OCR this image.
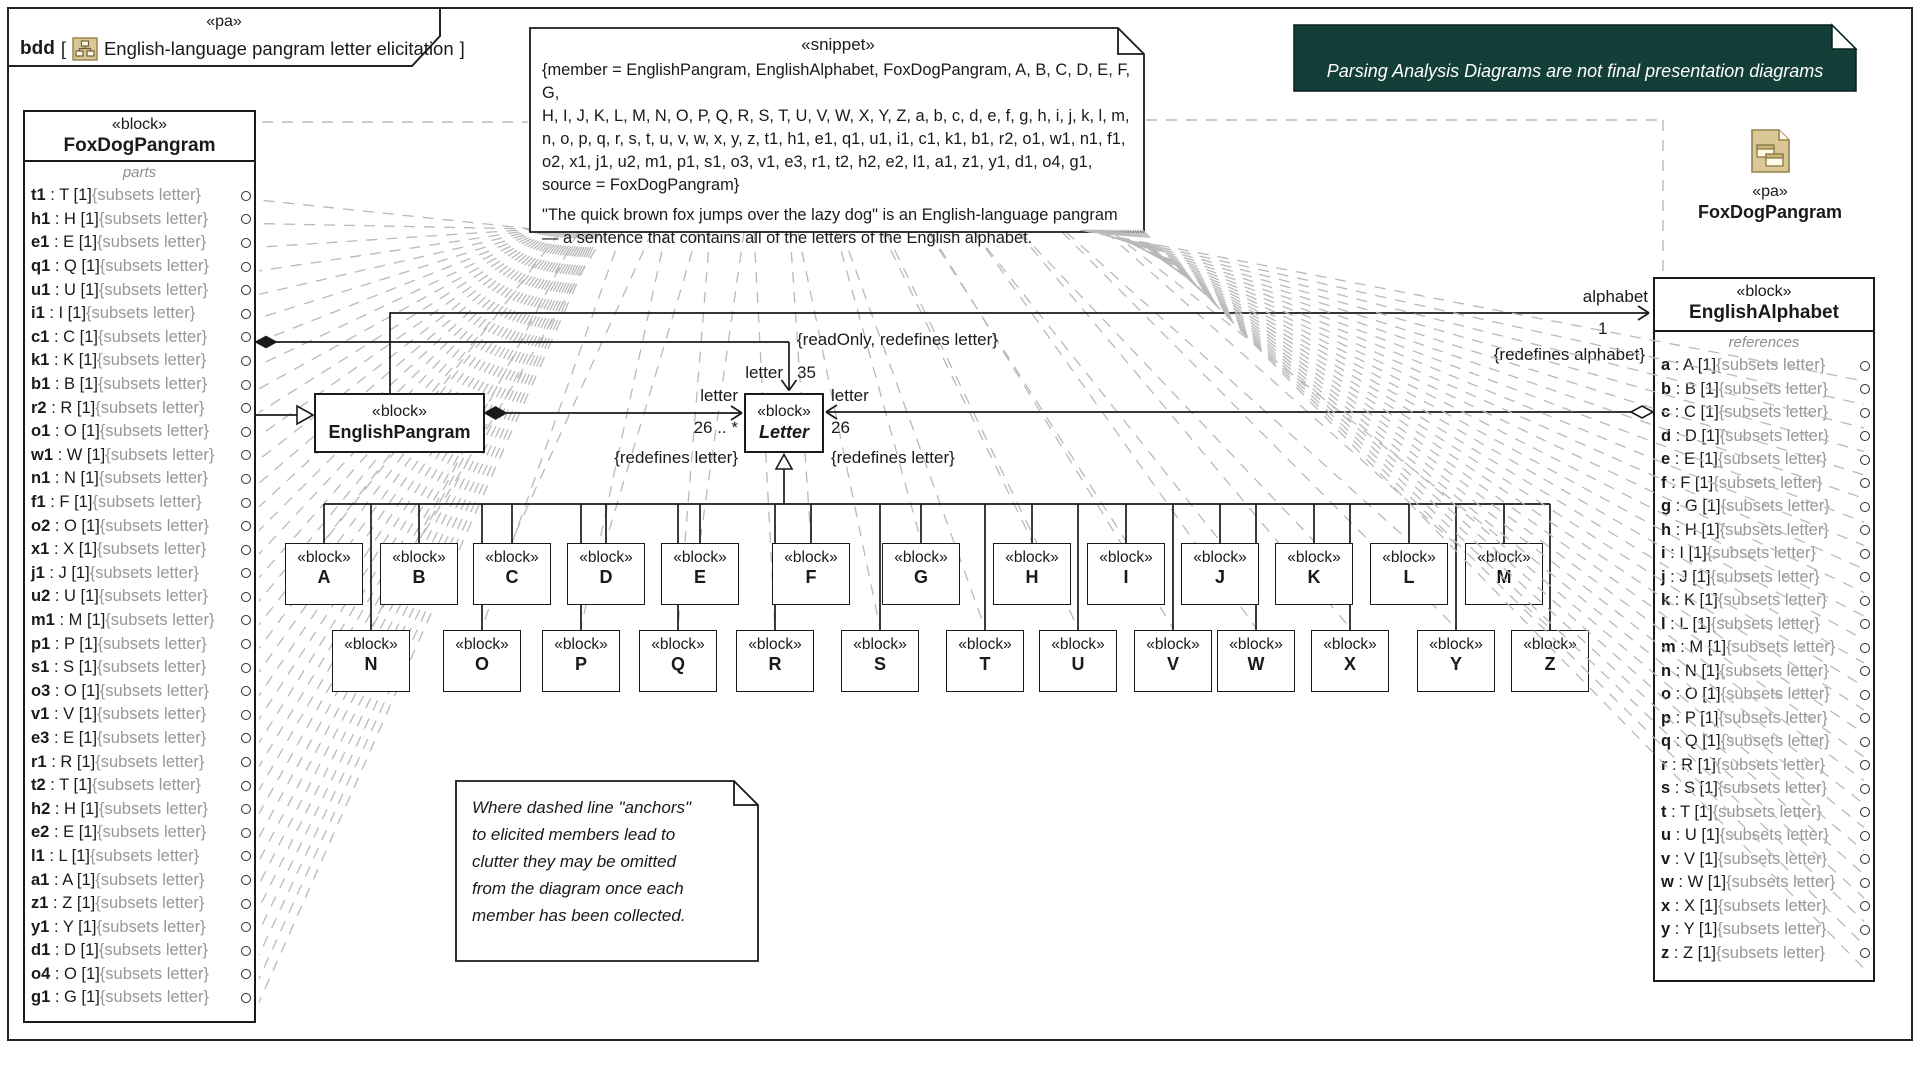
«pa»
bdd [ English-language pangram letter elicitation ]	«snippet»
{member = EnglishPangram, EnglishAlphabet, FoxDogPangram, A, B, C, D, E, F, G,
H, I, J, K, L, M, N, O, P, Q, R, S, T, U, V, W, X, Y, Z, a, b, c, d, e, f, g, h, i, j, k, l, m,
n, o, p, q, r, s, t, u, v, w, x, y, z, t1, h1, e1, q1, u1, i1, c1, k1, b1, r2, o1, w1, n1, f1,
o2, x1, j1, u2, m1, p1, s1, o3, v1, e3, r1, t2, h2, e2, l1, a1, z1, y1, d1, o4, g1,
source = FoxDogPangram}
"The quick brown fox jumps over the lazy dog" is an English-language pangram
— a sentence that contains all of the letters of the English alphabet.
Parsing Analysis Diagrams are not final presentation diagrams
«pa»
FoxDogPangram
«block»
FoxDogPangram
parts
t1 : T [1] {subsets letter}
h1 : H [1] {subsets letter}
e1 : E [1] {subsets letter}
q1 : Q [1] {subsets letter}
u1 : U [1] {subsets letter}
i1 : I [1] {subsets letter}
c1 : C [1] {subsets letter}
k1 : K [1] {subsets letter}
b1 : B [1] {subsets letter}
r2 : R [1] {subsets letter}
o1 : O [1] {subsets letter}
w1 : W [1] {subsets letter}
n1 : N [1] {subsets letter}
f1 : F [1] {subsets letter}
o2 : O [1] {subsets letter}
x1 : X [1] {subsets letter}
j1 : J [1] {subsets letter}
u2 : U [1] {subsets letter}
m1 : M [1] {subsets letter}
p1 : P [1] {subsets letter}
s1 : S [1] {subsets letter}
o3 : O [1] {subsets letter}
v1 : V [1] {subsets letter}
e3 : E [1] {subsets letter}
r1 : R [1] {subsets letter}
t2 : T [1] {subsets letter}
h2 : H [1] {subsets letter}
e2 : E [1] {subsets letter}
l1 : L [1] {subsets letter}
a1 : A [1] {subsets letter}
z1 : Z [1] {subsets letter}
y1 : Y [1] {subsets letter}
d1 : D [1] {subsets letter}
o4 : O [1] {subsets letter}
g1 : G [1] {subsets letter}
«block»
EnglishAlphabet
references
a : A [1] {subsets letter}
b : B [1] {subsets letter}
c : C [1] {subsets letter}
d : D [1] {subsets letter}
e : E [1] {subsets letter}
f : F [1] {subsets letter}
g : G [1] {subsets letter}
h : H [1] {subsets letter}
i : I [1] {subsets letter}
j : J [1] {subsets letter}
k : K [1] {subsets letter}
l : L [1] {subsets letter}
m : M [1] {subsets letter}
n : N [1] {subsets letter}
o : O [1] {subsets letter}
p : P [1] {subsets letter}
q : Q [1] {subsets letter}
r : R [1] {subsets letter}
s : S [1] {subsets letter}
t : T [1] {subsets letter}
u : U [1] {subsets letter}
v : V [1] {subsets letter}
w : W [1] {subsets letter}
x : X [1] {subsets letter}
y : Y [1] {subsets letter}
z : Z [1] {subsets letter}
«block»
EnglishPangram
«block»
Letter
alphabet
1
{redefines alphabet}
letter 35
{readOnly, redefines letter}
letter
26 .. *
{redefines letter}
letter
26
{redefines letter}
Where dashed line "anchors"
to elicited members lead to
clutter they may be omitted
from the diagram once each
member has been collected.
«block»
A
«block»
B
«block»
C
«block»
D
«block»
E
«block»
F
«block»
G
«block»
H
«block»
I
«block»
J
«block»
K
«block»
L
«block»
M
«block»
N
«block»
O
«block»
P
«block»
Q
«block»
R
«block»
S
«block»
T
«block»
U
«block»
V
«block»
W
«block»
X
«block»
Y
«block»
Z
